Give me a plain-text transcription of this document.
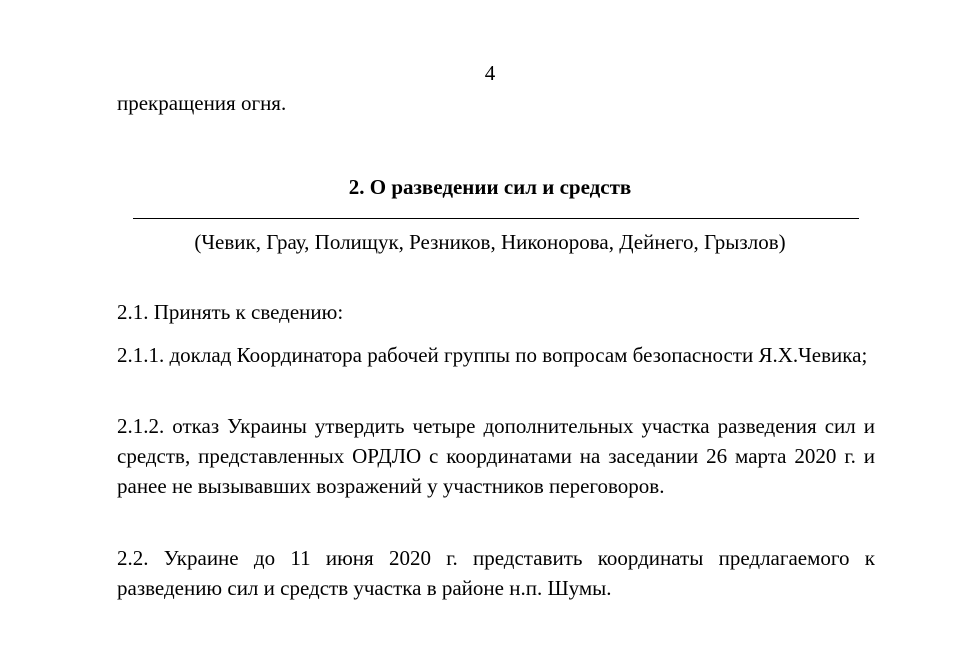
4
прекращения огня.
2. О разведении сил и средств
(Чевик, Грау, Полищук, Резников, Никонорова, Дейнего, Грызлов)
2.1. Принять к сведению:
2.1.1. доклад Координатора рабочей группы по вопросам безопасности Я.Х.Чевика;
2.1.2. отказ Украины утвердить четыре дополнительных участка разведения сил и средств, представленных ОРДЛО с координатами на заседании 26 марта 2020 г. и ранее не вызывавших возражений у участников переговоров.
2.2. Украине до 11 июня 2020 г. представить координаты предлагаемого к разведению сил и средств участка в районе н.п. Шумы.
